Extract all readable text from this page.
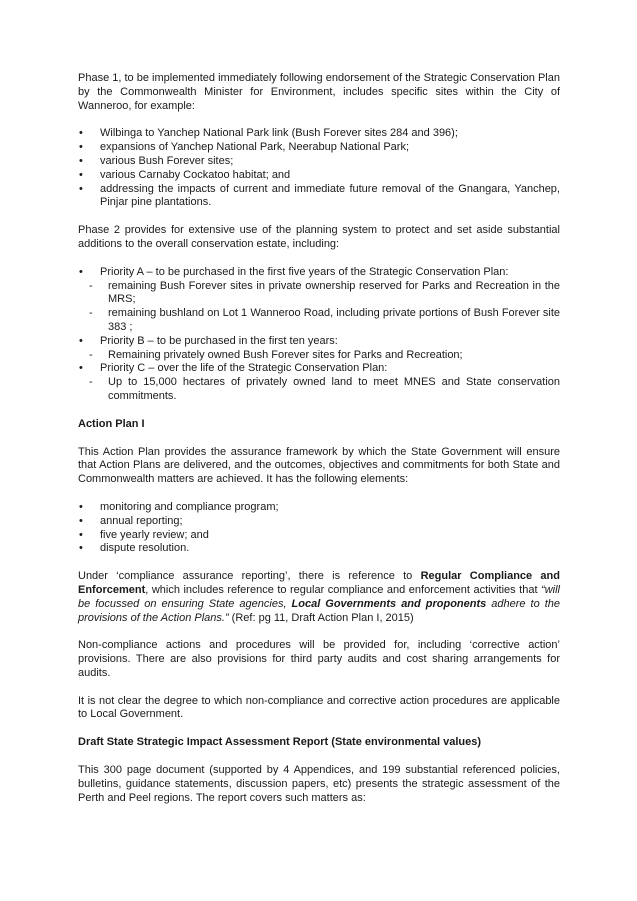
Phase 1, to be implemented immediately following endorsement of the Strategic Conservation Plan by the Commonwealth Minister for Environment, includes specific sites within the City of Wanneroo, for example:

• Wilbinga to Yanchep National Park link (Bush Forever sites 284 and 396);
• expansions of Yanchep National Park, Neerabup National Park;
• various Bush Forever sites;
• various Carnaby Cockatoo habitat; and
• addressing the impacts of current and immediate future removal of the Gnangara, Yanchep, Pinjar pine plantations.

Phase 2 provides for extensive use of the planning system to protect and set aside substantial additions to the overall conservation estate, including:

• Priority A – to be purchased in the first five years of the Strategic Conservation Plan:
- remaining Bush Forever sites in private ownership reserved for Parks and Recreation in the MRS;
- remaining bushland on Lot 1 Wanneroo Road, including private portions of Bush Forever site 383 ;
• Priority B – to be purchased in the first ten years:
- Remaining privately owned Bush Forever sites for Parks and Recreation;
• Priority C – over the life of the Strategic Conservation Plan:
- Up to 15,000 hectares of privately owned land to meet MNES and State conservation commitments.
Action Plan I

This Action Plan provides the assurance framework by which the State Government will ensure that Action Plans are delivered, and the outcomes, objectives and commitments for both State and Commonwealth matters are achieved. It has the following elements:

• monitoring and compliance program;
• annual reporting;
• five yearly review; and
• dispute resolution.

Under ‘compliance assurance reporting’, there is reference to Regular Compliance and Enforcement, which includes reference to regular compliance and enforcement activities that “will be focussed on ensuring State agencies, Local Governments and proponents adhere to the provisions of the Action Plans.” (Ref: pg 11, Draft Action Plan I, 2015)

Non-compliance actions and procedures will be provided for, including ‘corrective action’ provisions. There are also provisions for third party audits and cost sharing arrangements for audits.

It is not clear the degree to which non-compliance and corrective action procedures are applicable to Local Government.

Draft State Strategic Impact Assessment Report (State environmental values)

This 300 page document (supported by 4 Appendices, and 199 substantial referenced policies, bulletins, guidance statements, discussion papers, etc) presents the strategic assessment of the Perth and Peel regions. The report covers such matters as:
